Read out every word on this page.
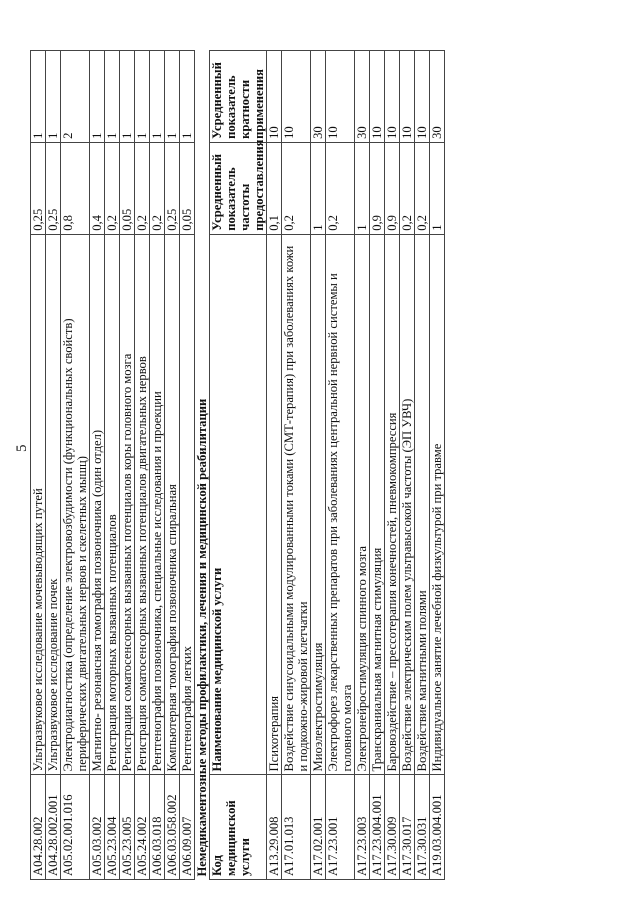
5
A04.28.002	Ультразвуковое исследование мочевыводящих путей	0,25	1
A04.28.002.001	Ультразвуковое исследование почек	0,25	1
A05.02.001.016	Электродиагностика (определение электровозбудимости (функциональных свойств) периферических двигательных нервов и скелетных мышц)	0,8	2
A05.03.002	Магнитно- резонансная томография позвоночника (один отдел)	0,4	1
A05.23.004	Регистрация моторных вызванных потенциалов	0,2	1
A05.23.005	Регистрация соматосенсорных вызванных потенциалов коры головного мозга	0,05	1
A05.24.002	Регистрация соматосенсорных вызванных потенциалов двигательных нервов	0,2	1
A06.03.018	Рентгенография позвоночника, специальные исследования и проекции	0,2	1
A06.03.058.002	Компьютерная томография позвоночника спиральная	0,25	1
A06.09.007	Рентгенография легких	0,05	1
Немедикаментозные методы профилактики, лечения и медицинской реабилитации			
Код медицинской услуги	Наименование медицинской услуги	Усредненный показатель частоты предоставления	Усредненный показатель кратности применения
A13.29.008	Психотерапия	0,1	10
A17.01.013	Воздействие синусоидальными модулированными токами (СМТ-терапия) при заболеваниях кожи и подкожно-жировой клетчатки	0,2	10
A17.02.001	Миоэлектростимуляция	1	30
A17.23.001	Электрофорез лекарственных препаратов при заболеваниях центральной нервной системы и головного мозга	0,2	10
A17.23.003	Электронейростимуляция спинного мозга	1	30
A17.23.004.001	Транскраниальная магнитная стимуляция	0,9	10
A17.30.009	Баровоздействие – прессотерапия конечностей, пневмокомпрессия	0,9	10
A17.30.017	Воздействие электрическим полем ультравысокой частоты (ЭП УВЧ)	0,2	10
A17.30.031	Воздействие магнитными полями	0,2	10
A19.03.004.001	Индивидуальное занятие лечебной физкультурой при травме	1	30
